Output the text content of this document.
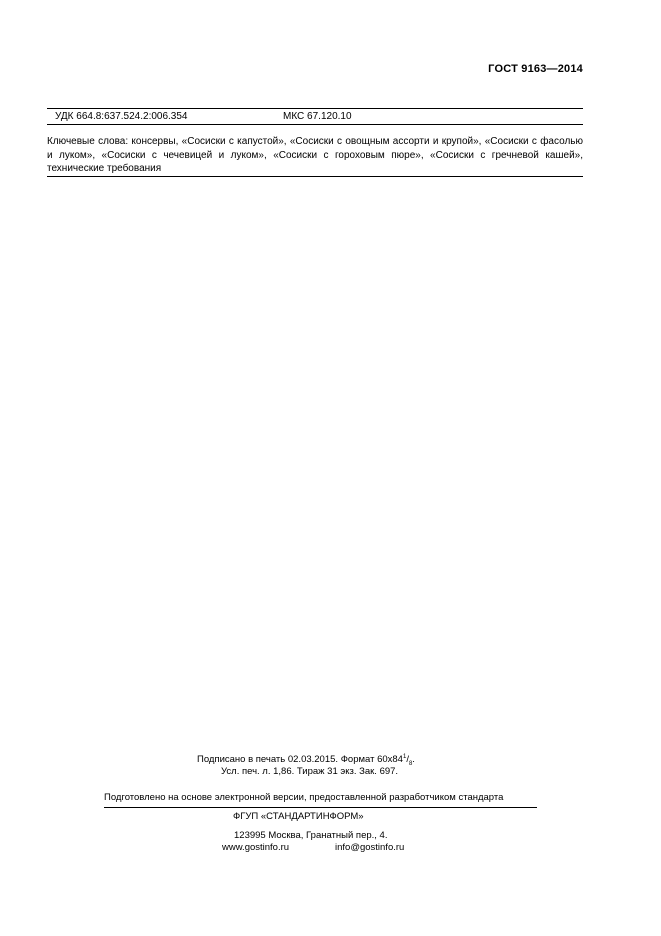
ГОСТ 9163—2014
УДК 664.8:637.524.2:006.354	МКС 67.120.10

Ключевые слова: консервы, «Сосиски с капустой», «Сосиски с овощным ассорти и крупой», «Сосиски с фасолью и луком», «Сосиски с чечевицей и луком», «Сосиски с гороховым пюре», «Сосиски с гречневой кашей», технические требования

Подписано в печать 02.03.2015. Формат $60x84^1/_8$.
Усл. печ. л. 1,86. Тираж 31 экз. Зак. 697.
Подготовлено на основе электронной версии, предоставленной разработчиком стандарта
ФГУП «СТАНДАРТИНФОРМ»
123995 Москва, Гранатный пер., 4.
www.gostinfo.ru	info@gostinfo.ru
